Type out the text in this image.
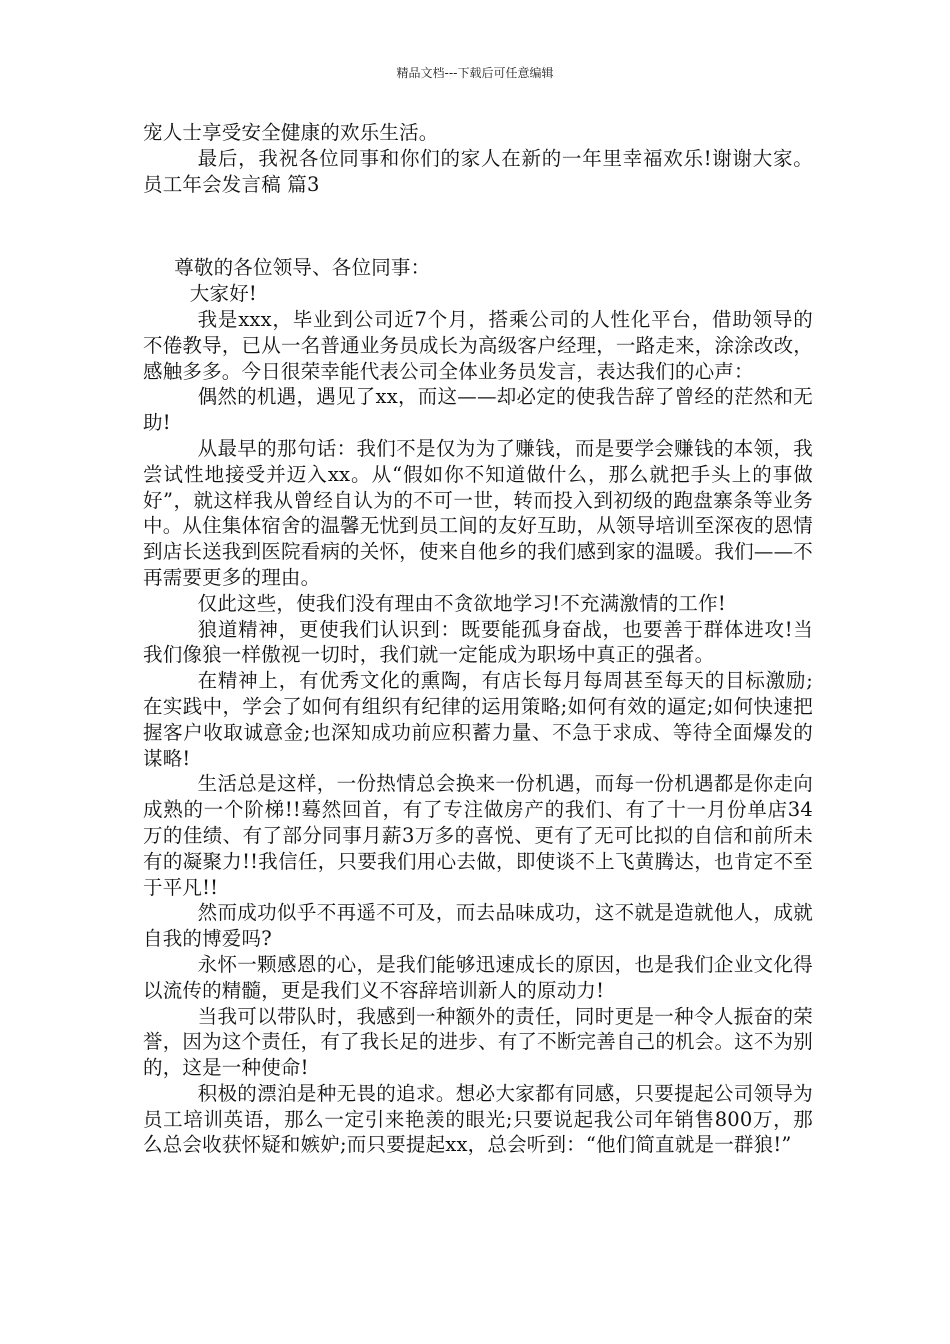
精品文档---下载后可任意编辑

宠人士享受安全健康的欢乐生活。

最后，我祝各位同事和你们的家人在新的一年里幸福欢乐!谢谢大家。员工年会发言稿 篇3

尊敬的各位领导、各位同事：

大家好!

我是xxx，毕业到公司近7个月，搭乘公司的人性化平台，借助领导的不倦教导，已从一名普通业务员成长为高级客户经理，一路走来，涂涂改改，感触多多。今日很荣幸能代表公司全体业务员发言，表达我们的心声：

偶然的机遇，遇见了xx，而这——却必定的使我告辞了曾经的茫然和无助!

从最早的那句话：我们不是仅为为了赚钱，而是要学会赚钱的本领，我尝试性地接受并迈入xx。从“假如你不知道做什么，那么就把手头上的事做好”，就这样我从曾经自认为的不可一世，转而投入到初级的跑盘寨条等业务中。从住集体宿舍的温馨无忧到员工间的友好互助，从领导培训至深夜的恩情到店长送我到医院看病的关怀，使来自他乡的我们感到家的温暖。我们——不再需要更多的理由。

仅此这些，使我们没有理由不贪欲地学习!不充满激情的工作!

狼道精神，更使我们认识到：既要能孤身奋战，也要善于群体进攻!当我们像狼一样傲视一切时，我们就一定能成为职场中真正的强者。

在精神上，有优秀文化的熏陶，有店长每月每周甚至每天的目标激励;在实践中，学会了如何有组织有纪律的运用策略;如何有效的逼定;如何快速把握客户收取诚意金;也深知成功前应积蓄力量、不急于求成、等待全面爆发的谋略!

生活总是这样，一份热情总会换来一份机遇，而每一份机遇都是你走向成熟的一个阶梯!!蓦然回首，有了专注做房产的我们、有了十一月份单店34万的佳绩、有了部分同事月薪3万多的喜悦、更有了无可比拟的自信和前所未有的凝聚力!!我信任，只要我们用心去做，即使谈不上飞黄腾达，也肯定不至于平凡!!

然而成功似乎不再遥不可及，而去品味成功，这不就是造就他人，成就自我的博爱吗?

永怀一颗感恩的心，是我们能够迅速成长的原因，也是我们企业文化得以流传的精髓，更是我们义不容辞培训新人的原动力!

当我可以带队时，我感到一种额外的责任，同时更是一种令人振奋的荣誉，因为这个责任，有了我长足的进步、有了不断完善自己的机会。这不为别的，这是一种使命!

积极的漂泊是种无畏的追求。想必大家都有同感，只要提起公司领导为员工培训英语，那么一定引来艳羡的眼光;只要说起我公司年销售800万，那么总会收获怀疑和嫉妒;而只要提起xx，总会听到：“他们简直就是一群狼!”
